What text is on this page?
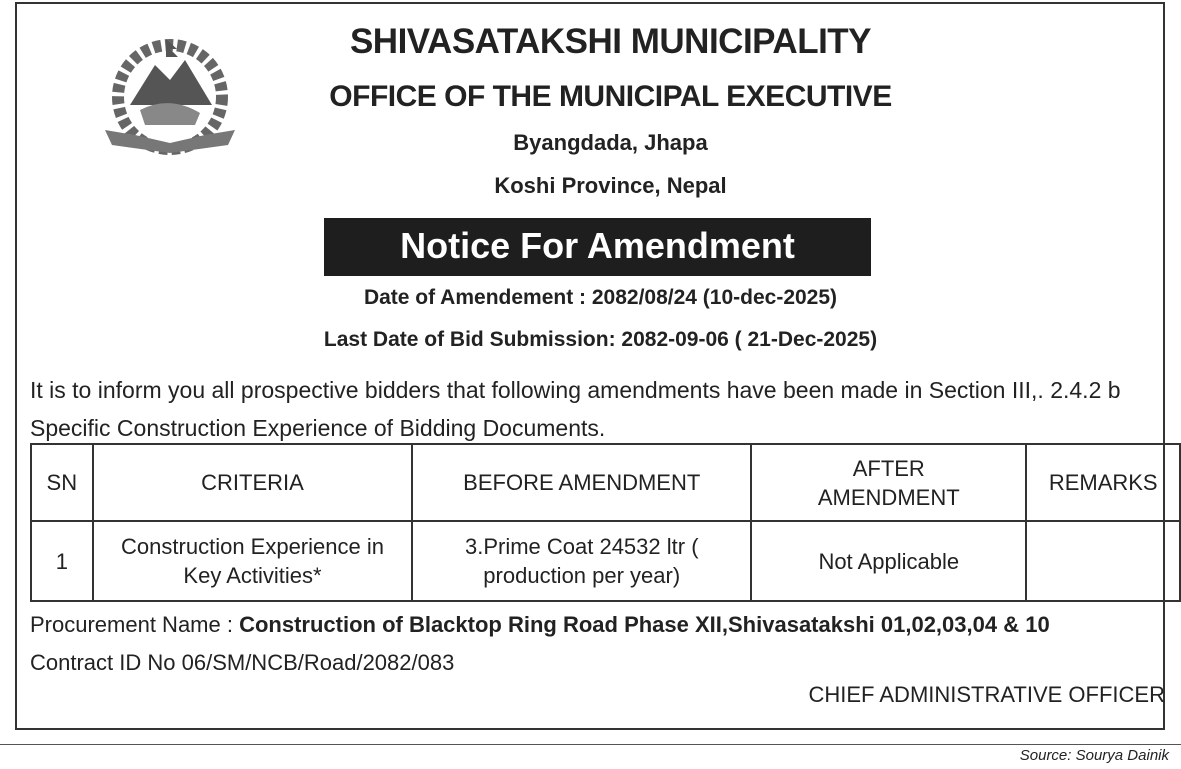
SHIVASATAKSHI MUNICIPALITY
OFFICE OF THE MUNICIPAL EXECUTIVE
Byangdada, Jhapa
Koshi Province, Nepal
Notice For Amendment
Date of Amendement : 2082/08/24 (10-dec-2025)
Last Date of Bid Submission: 2082-09-06 ( 21-Dec-2025)
It is to inform you all prospective bidders that following amendments have been made in Section III,. 2.4.2 b Specific Construction Experience of Bidding Documents.
SN	CRITERIA	BEFORE AMENDMENT	AFTER AMENDMENT	REMARKS
1	Construction Experience in Key Activities*	3.Prime Coat 24532 ltr ( production per year)	Not Applicable	
Procurement Name : Construction of Blacktop Ring Road Phase XII,Shivasatakshi 01,02,03,04 & 10
Contract ID No 06/SM/NCB/Road/2082/083
CHIEF ADMINISTRATIVE OFFICER
Source: Sourya Dainik
